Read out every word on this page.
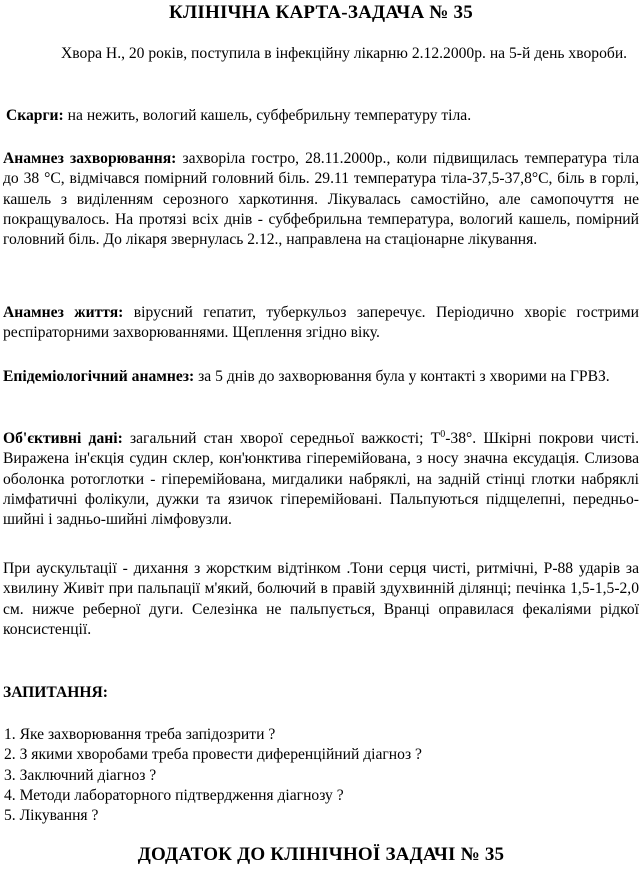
КЛІНІЧНА КАРТА-ЗАДАЧА № 35

Хвора Н., 20 років, поступила в інфекційну лікарню 2.12.2000р. на 5-й день хвороби.

Скарги: на нежить, вологий кашель, субфебрильну температуру тіла.

Анамнез захворювання: захворіла гостро, 28.11.2000р., коли підвищилась температура тіла до 38 °С, відмічався помірний головний біль. 29.11 температура тіла-37,5-37,8°С, біль в горлі, кашель з виділенням серозного харкотиння. Лікувалась самостійно, але самопочуття не покращувалось. На протязі всіх днів - субфебрильна температура, вологий кашель, помірний головний біль. До лікаря звернулась 2.12., направлена на стаціонарне лікування.

Анамнез життя: вірусний гепатит, туберкульоз заперечує. Періодично хворіє гострими респіраторними захворюваннями. Щеплення згідно віку.

Епідеміологічний анамнез: за 5 днів до захворювання була у контакті з хворими на ГРВЗ.

Об'єктивні дані: загальний стан хворої середньої важкості; $Т^0-38^\circ$. Шкірні покрови чисті. Виражена ін'єкція судин склер, кон'юнктива гіперемійована, з носу значна ексудація. Слизова оболонка ротоглотки - гіперемійована, мигдалики набряклі, на задній стінці глотки набряклі лімфатичні фолікули, дужки та язичок гіперемійовані. Пальпуються підщелепні, передньо-шийні і задньо-шийні лімфовузли.

При аускультації - дихання з жорстким відтінком .Тони серця чисті, ритмічні, Р-88 ударів за хвилину Живіт при пальпації м'який, болючий в правій здухвинній ділянці; печінка 1,5-1,5-2,0 см. нижче реберної дуги. Селезінка не пальпується, Вранці оправилася фекаліями рідкої консистенції.

ЗАПИТАННЯ:

1. Яке захворювання треба запідозрити ?

2. З якими хворобами треба провести диференційний діагноз ?

3. Заключний діагноз ?

4. Методи лабораторного підтвердження діагнозу ?

5. Лікування ?

ДОДАТОК ДО КЛІНІЧНОЇ ЗАДАЧІ № 35
